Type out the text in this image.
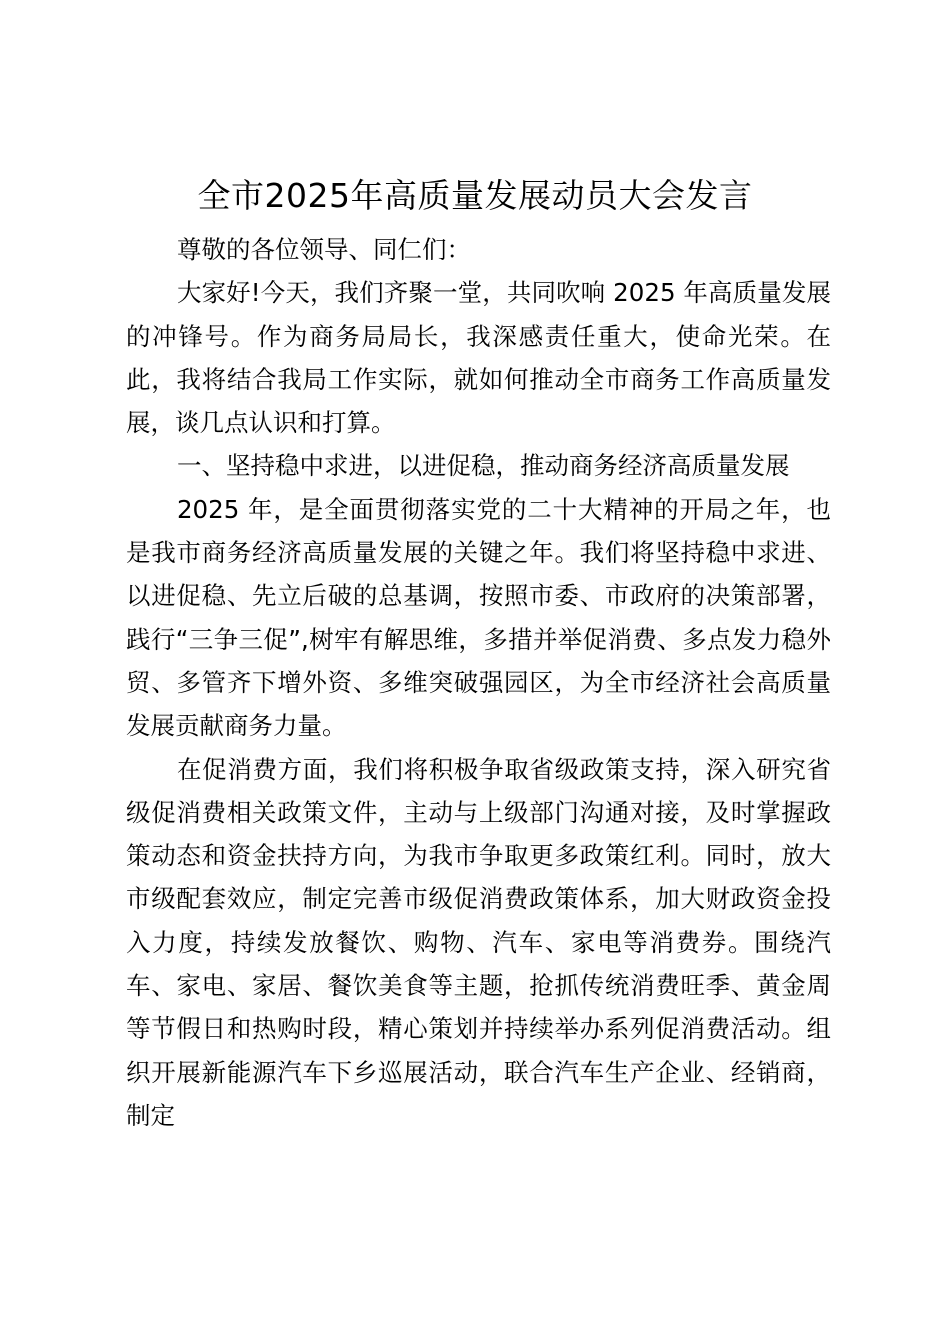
全市2025年高质量发展动员大会发言

尊敬的各位领导、同仁们：

大家好!今天，我们齐聚一堂，共同吹响 2025 年高质量发展的冲锋号。作为商务局局长，我深感责任重大，使命光荣。在此，我将结合我局工作实际，就如何推动全市商务工作高质量发展，谈几点认识和打算。

一、坚持稳中求进，以进促稳，推动商务经济高质量发展

2025 年，是全面贯彻落实党的二十大精神的开局之年，也是我市商务经济高质量发展的关键之年。我们将坚持稳中求进、以进促稳、先立后破的总基调，按照市委、市政府的决策部署，践行“三争三促”,树牢有解思维，多措并举促消费、多点发力稳外贸、多管齐下增外资、多维突破强园区，为全市经济社会高质量发展贡献商务力量。

在促消费方面，我们将积极争取省级政策支持，深入研究省级促消费相关政策文件，主动与上级部门沟通对接，及时掌握政策动态和资金扶持方向，为我市争取更多政策红利。同时，放大市级配套效应，制定完善市级促消费政策体系，加大财政资金投入力度，持续发放餐饮、购物、汽车、家电等消费券。围绕汽车、家电、家居、餐饮美食等主题，抢抓传统消费旺季、黄金周等节假日和热购时段，精心策划并持续举办系列促消费活动。组织开展新能源汽车下乡巡展活动，联合汽车生产企业、经销商，制定
